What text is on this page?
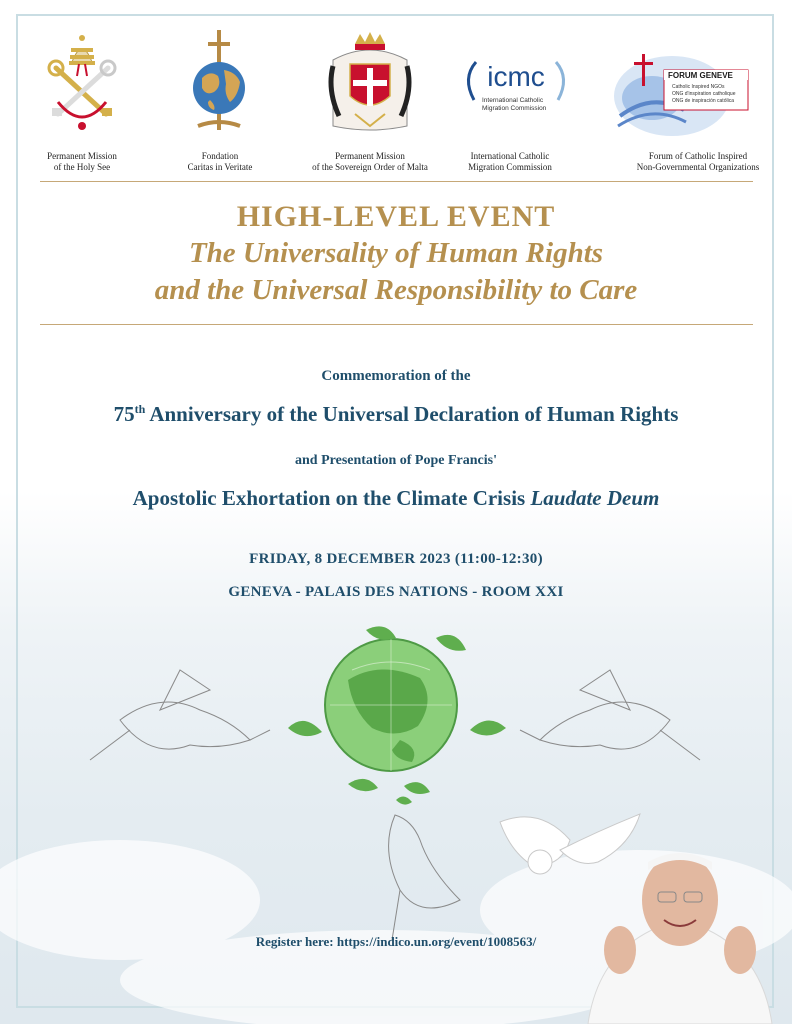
icmc
International Catholic
Migration Commission
FORUM GENEVE
Catholic Inspired NGOs
ONG d'inspiration catholique
ONG de inspiración católica
Permanent Mission
of the Holy See
Fondation
Caritas in Veritate
Permanent Mission
of the Sovereign Order of Malta
International Catholic
Migration Commission
Forum of Catholic Inspired
Non-Governmental Organizations
HIGH-LEVEL EVENT
The Universality of Human Rights
and the Universal Responsibility to Care
Commemoration of the
75th Anniversary of the Universal Declaration of Human Rights
and Presentation of Pope Francis'
Apostolic Exhortation on the Climate Crisis Laudate Deum
FRIDAY, 8 DECEMBER 2023 (11:00-12:30)
GENEVA - PALAIS DES NATIONS - ROOM XXI
Register here: https://indico.un.org/event/1008563/
